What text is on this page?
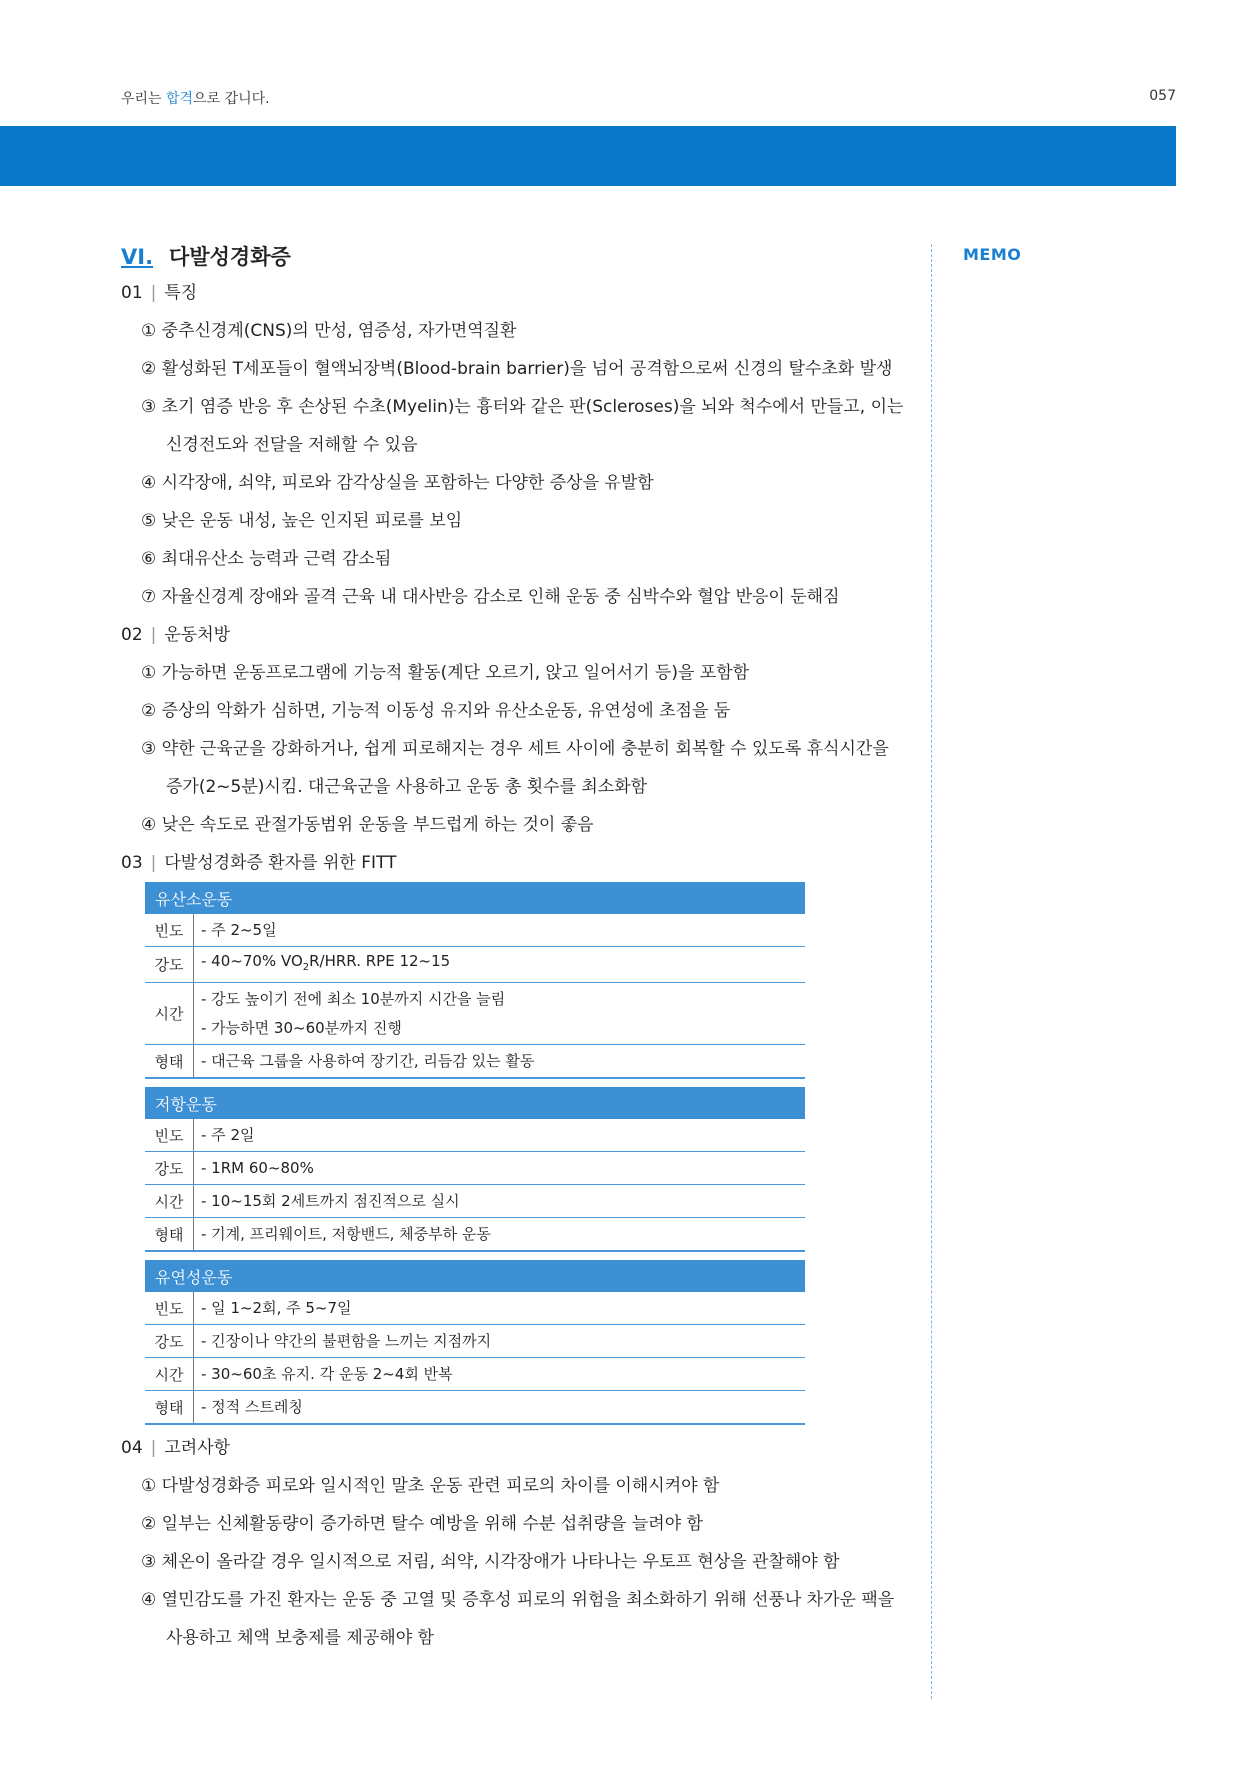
우리는 합격으로 갑니다.	057
MEMO
VI. 다발성경화증
01 | 특징
① 중추신경계(CNS)의 만성, 염증성, 자가면역질환
② 활성화된 T세포들이 혈액뇌장벽(Blood-brain barrier)을 넘어 공격함으로써 신경의 탈수초화 발생
③ 초기 염증 반응 후 손상된 수초(Myelin)는 흉터와 같은 판(Scleroses)을 뇌와 척수에서 만들고, 이는
신경전도와 전달을 저해할 수 있음
④ 시각장애, 쇠약, 피로와 감각상실을 포함하는 다양한 증상을 유발함
⑤ 낮은 운동 내성, 높은 인지된 피로를 보임
⑥ 최대유산소 능력과 근력 감소됨
⑦ 자율신경계 장애와 골격 근육 내 대사반응 감소로 인해 운동 중 심박수와 혈압 반응이 둔해짐
02 | 운동처방
① 가능하면 운동프로그램에 기능적 활동(계단 오르기, 앉고 일어서기 등)을 포함함
② 증상의 악화가 심하면, 기능적 이동성 유지와 유산소운동, 유연성에 초점을 둠
③ 약한 근육군을 강화하거나, 쉽게 피로해지는 경우 세트 사이에 충분히 회복할 수 있도록 휴식시간을
증가(2~5분)시킴. 대근육군을 사용하고 운동 총 횟수를 최소화함
④ 낮은 속도로 관절가동범위 운동을 부드럽게 하는 것이 좋음
03 | 다발성경화증 환자를 위한 FITT
유산소운동	
빈도	- 주 2~5일
강도	- 40~70% $VO_2R$/HRR. RPE 12~15
시간	- 강도 높이기 전에 최소 10분까지 시간을 늘림
- 가능하면 30~60분까지 진행

형태	- 대근육 그룹을 사용하여 장기간, 리듬감 있는 활동

저항운동	
빈도	- 주 2일
강도	- 1RM 60~80%
시간	- 10~15회 2세트까지 점진적으로 실시
형태	- 기계, 프리웨이트, 저항밴드, 체중부하 운동

유연성운동	
빈도	- 일 1~2회, 주 5~7일
강도	- 긴장이나 약간의 불편함을 느끼는 지점까지
시간	- 30~60초 유지. 각 운동 2~4회 반복
형태	- 정적 스트레칭
04 | 고려사항
① 다발성경화증 피로와 일시적인 말초 운동 관련 피로의 차이를 이해시켜야 함
② 일부는 신체활동량이 증가하면 탈수 예방을 위해 수분 섭취량을 늘려야 함
③ 체온이 올라갈 경우 일시적으로 저림, 쇠약, 시각장애가 나타나는 우토프 현상을 관찰해야 함
④ 열민감도를 가진 환자는 운동 중 고열 및 증후성 피로의 위험을 최소화하기 위해 선풍나 차가운 팩을
사용하고 체액 보충제를 제공해야 함
